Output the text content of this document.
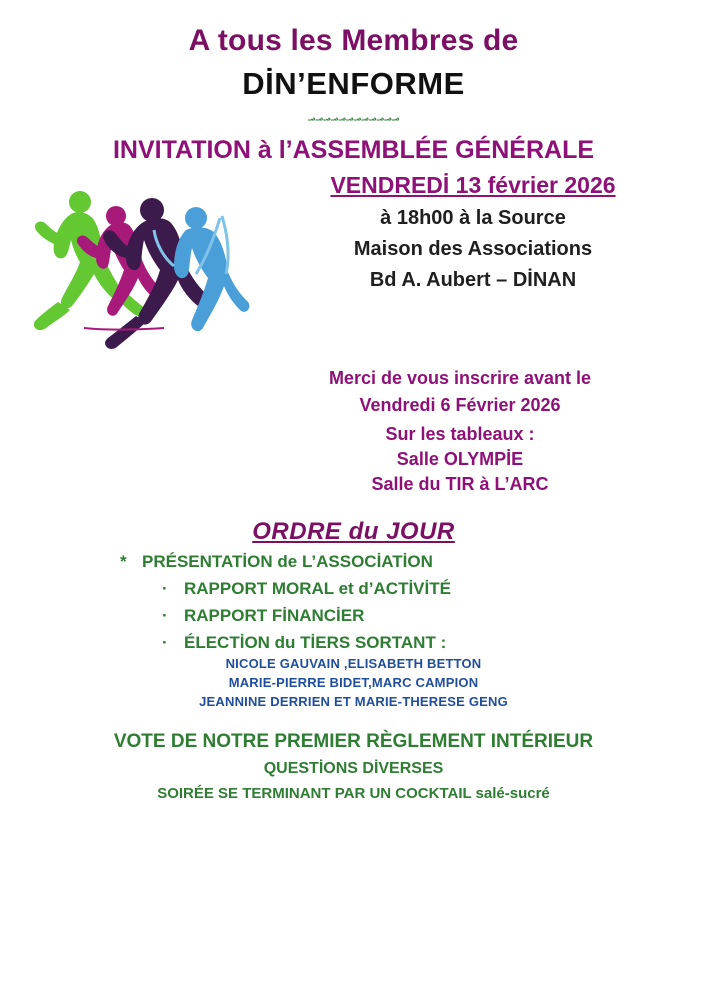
A tous les Membres de
DİN’ENFORME
؃؃؃؃؃؃؃؃؃؃؃؃
INVITATION à l’ASSEMBLÉE GÉNÉRALE
VENDREDİ 13 février 2026
à 18h00 à la Source
Maison des Associations
Bd A. Aubert – DİNAN
Merci de vous inscrire avant le
Vendredi 6 Février 2026
Sur les tableaux :
Salle OLYMPİE
Salle du TIR à L’ARC
ORDRE du JOUR
* PRÉSENTATİON de L’ASSOCİATİON
· RAPPORT MORAL et d’ACTİVİTÉ
· RAPPORT FİNANCİER
· ÉLECTİON du TİERS SORTANT :
NICOLE GAUVAIN ,ELISABETH BETTON
MARIE-PIERRE BIDET,MARC CAMPION
JEANNINE DERRIEN ET MARIE-THERESE GENG
VOTE DE NOTRE PREMIER RÈGLEMENT INTÉRIEUR
QUESTİONS DİVERSES
SOIRÉE SE TERMINANT PAR UN COCKTAIL salé-sucré
